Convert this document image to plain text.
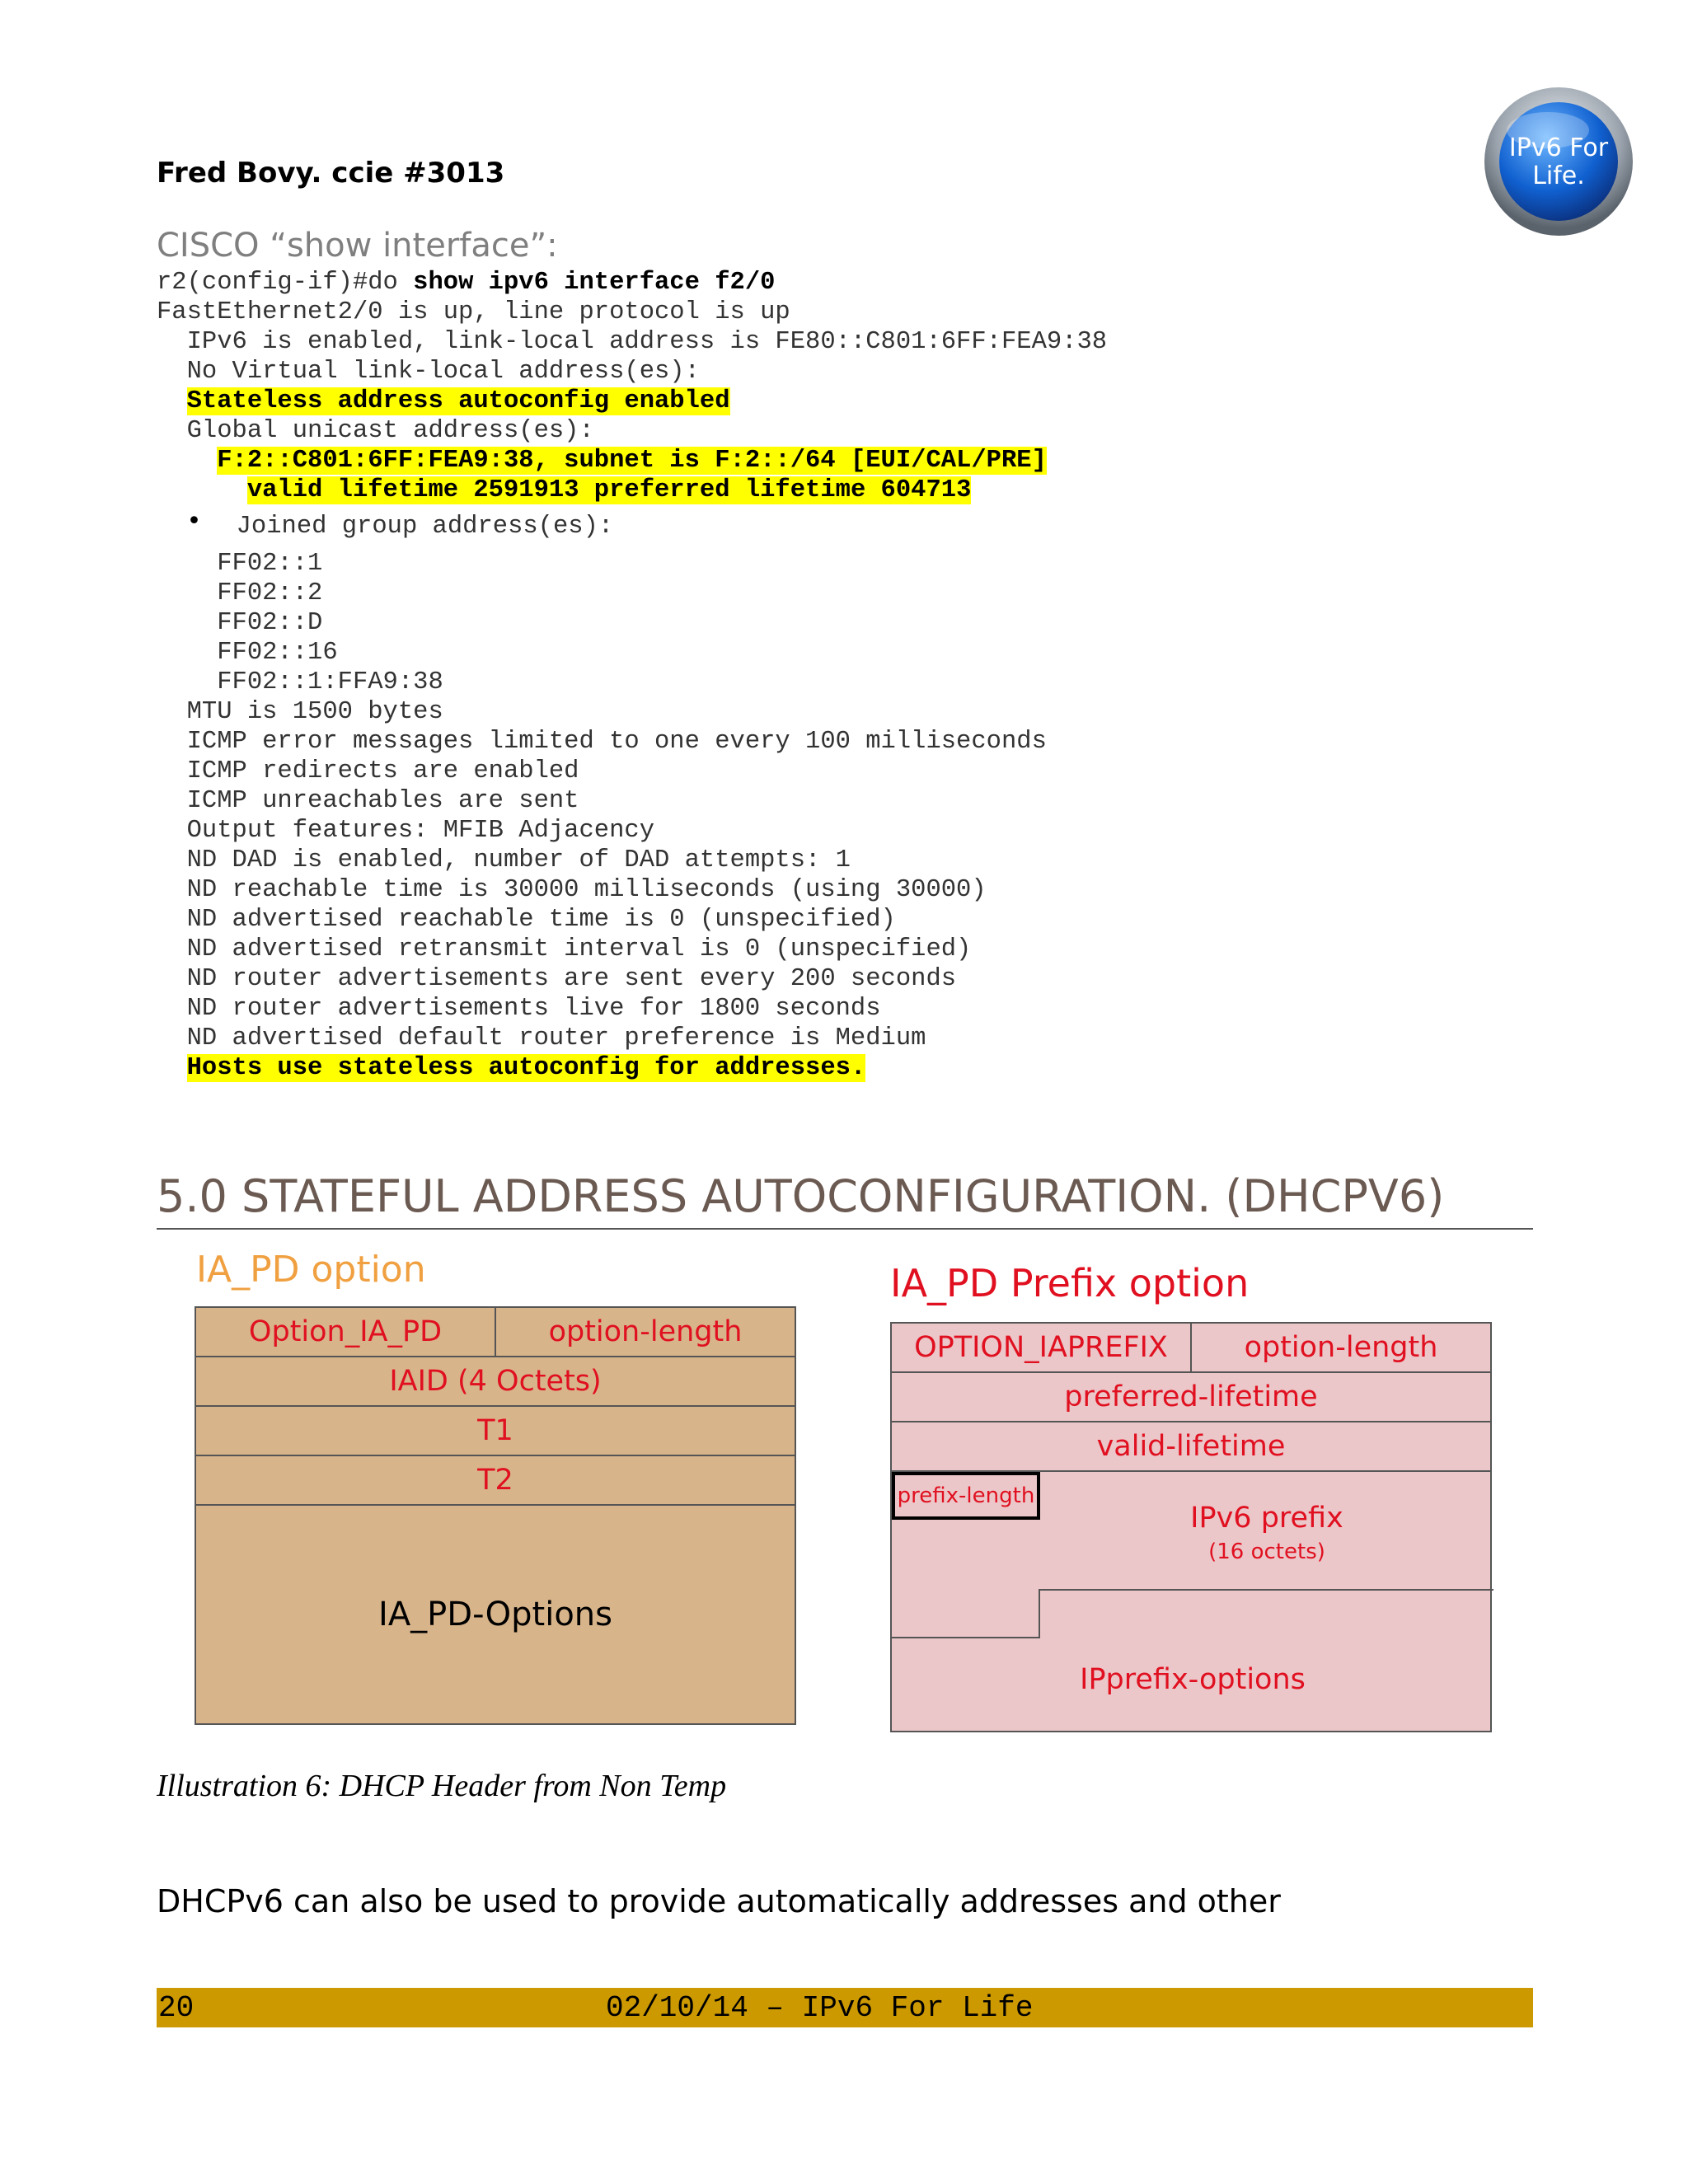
Fred Bovy. ccie #3013
IPv6 For
Life.
CISCO “show interface”:
r2(config-if)#do show ipv6 interface f2/0
FastEthernet2/0 is up, line protocol is up
IPv6 is enabled, link-local address is FE80::C801:6FF:FEA9:38
No Virtual link-local address(es):
Stateless address autoconfig enabled
Global unicast address(es):
F:2::C801:6FF:FEA9:38, subnet is F:2::/64 [EUI/CAL/PRE]
valid lifetime 2591913 preferred lifetime 604713
• Joined group address(es):
FF02::1
FF02::2
FF02::D
FF02::16
FF02::1:FFA9:38
MTU is 1500 bytes
ICMP error messages limited to one every 100 milliseconds
ICMP redirects are enabled
ICMP unreachables are sent
Output features: MFIB Adjacency
ND DAD is enabled, number of DAD attempts: 1
ND reachable time is 30000 milliseconds (using 30000)
ND advertised reachable time is 0 (unspecified)
ND advertised retransmit interval is 0 (unspecified)
ND router advertisements are sent every 200 seconds
ND router advertisements live for 1800 seconds
ND advertised default router preference is Medium
Hosts use stateless autoconfig for addresses.
5.0 STATEFUL ADDRESS AUTOCONFIGURATION. (DHCPV6)
IA_PD option	IA_PD Prefix option
Option_IA_PD	option-length
IAID (4 Octets)
T1
T2
IA_PD-Options
OPTION_IAPREFIX	option-length
preferred-lifetime
valid-lifetime
prefix-length
IPv6 prefix
(16 octets)
IPprefix-options
Illustration 6: DHCP Header from Non Temp
DHCPv6 can also be used to provide automatically addresses and other
20	02/10/14 – IPv6 For Life
